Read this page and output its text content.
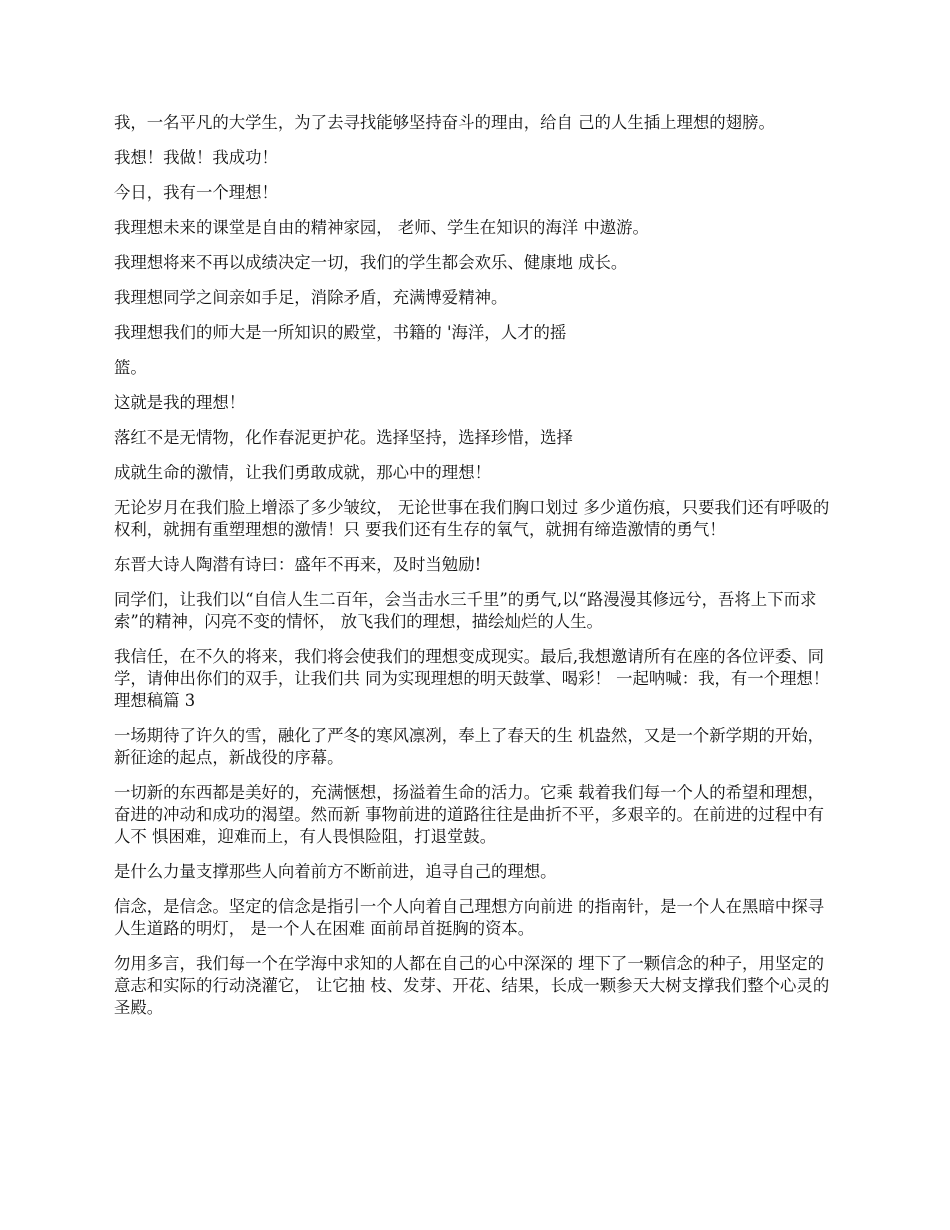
我，一名平凡的大学生，为了去寻找能够坚持奋斗的理由，给自 己的人生插上理想的翅膀。

我想！我做！我成功！

今日，我有一个理想！

我理想未来的课堂是自由的精神家园， 老师、学生在知识的海洋 中遨游。

我理想将来不再以成绩决定一切，我们的学生都会欢乐、健康地 成长。

我理想同学之间亲如手足，消除矛盾，充满博爱精神。

我理想我们的师大是一所知识的殿堂，书籍的 '海洋，人才的摇

篮。

这就是我的理想！

落红不是无情物，化作春泥更护花。选择坚持，选择珍惜，选择

成就生命的激情，让我们勇敢成就，那心中的理想！

无论岁月在我们脸上增添了多少皱纹， 无论世事在我们胸口划过 多少道伤痕，只要我们还有呼吸的权利，就拥有重塑理想的激情！只 要我们还有生存的氧气，就拥有缔造激情的勇气！

东晋大诗人陶潜有诗曰：盛年不再来，及时当勉励!

同学们，让我们以“自信人生二百年，会当击水三千里”的勇气,以“路漫漫其修远兮，吾将上下而求索”的精神，闪亮不变的情怀， 放飞我们的理想，描绘灿烂的人生。

我信任，在不久的将来，我们将会使我们的理想变成现实。最后,我想邀请所有在座的各位评委、同学，请伸出你们的双手，让我们共 同为实现理想的明天鼓掌、喝彩！ 一起呐喊：我，有一个理想！ 理想稿篇 3

一场期待了许久的雪，融化了严冬的寒风凛冽，奉上了春天的生 机盎然，又是一个新学期的开始，新征途的起点，新战役的序幕。

一切新的东西都是美好的，充满惬想，扬溢着生命的活力。它乘 载着我们每一个人的希望和理想， 奋进的冲动和成功的渴望。然而新 事物前进的道路往往是曲折不平，多艰辛的。在前进的过程中有人不 惧困难，迎难而上，有人畏惧险阻，打退堂鼓。

是什么力量支撑那些人向着前方不断前进，追寻自己的理想。

信念，是信念。坚定的信念是指引一个人向着自己理想方向前进 的指南针，是一个人在黑暗中探寻人生道路的明灯， 是一个人在困难 面前昂首挺胸的资本。

勿用多言，我们每一个在学海中求知的人都在自己的心中深深的 埋下了一颗信念的种子，用坚定的意志和实际的行动浇灌它， 让它抽 枝、发芽、开花、结果，长成一颗参天大树支撑我们整个心灵的圣殿。
